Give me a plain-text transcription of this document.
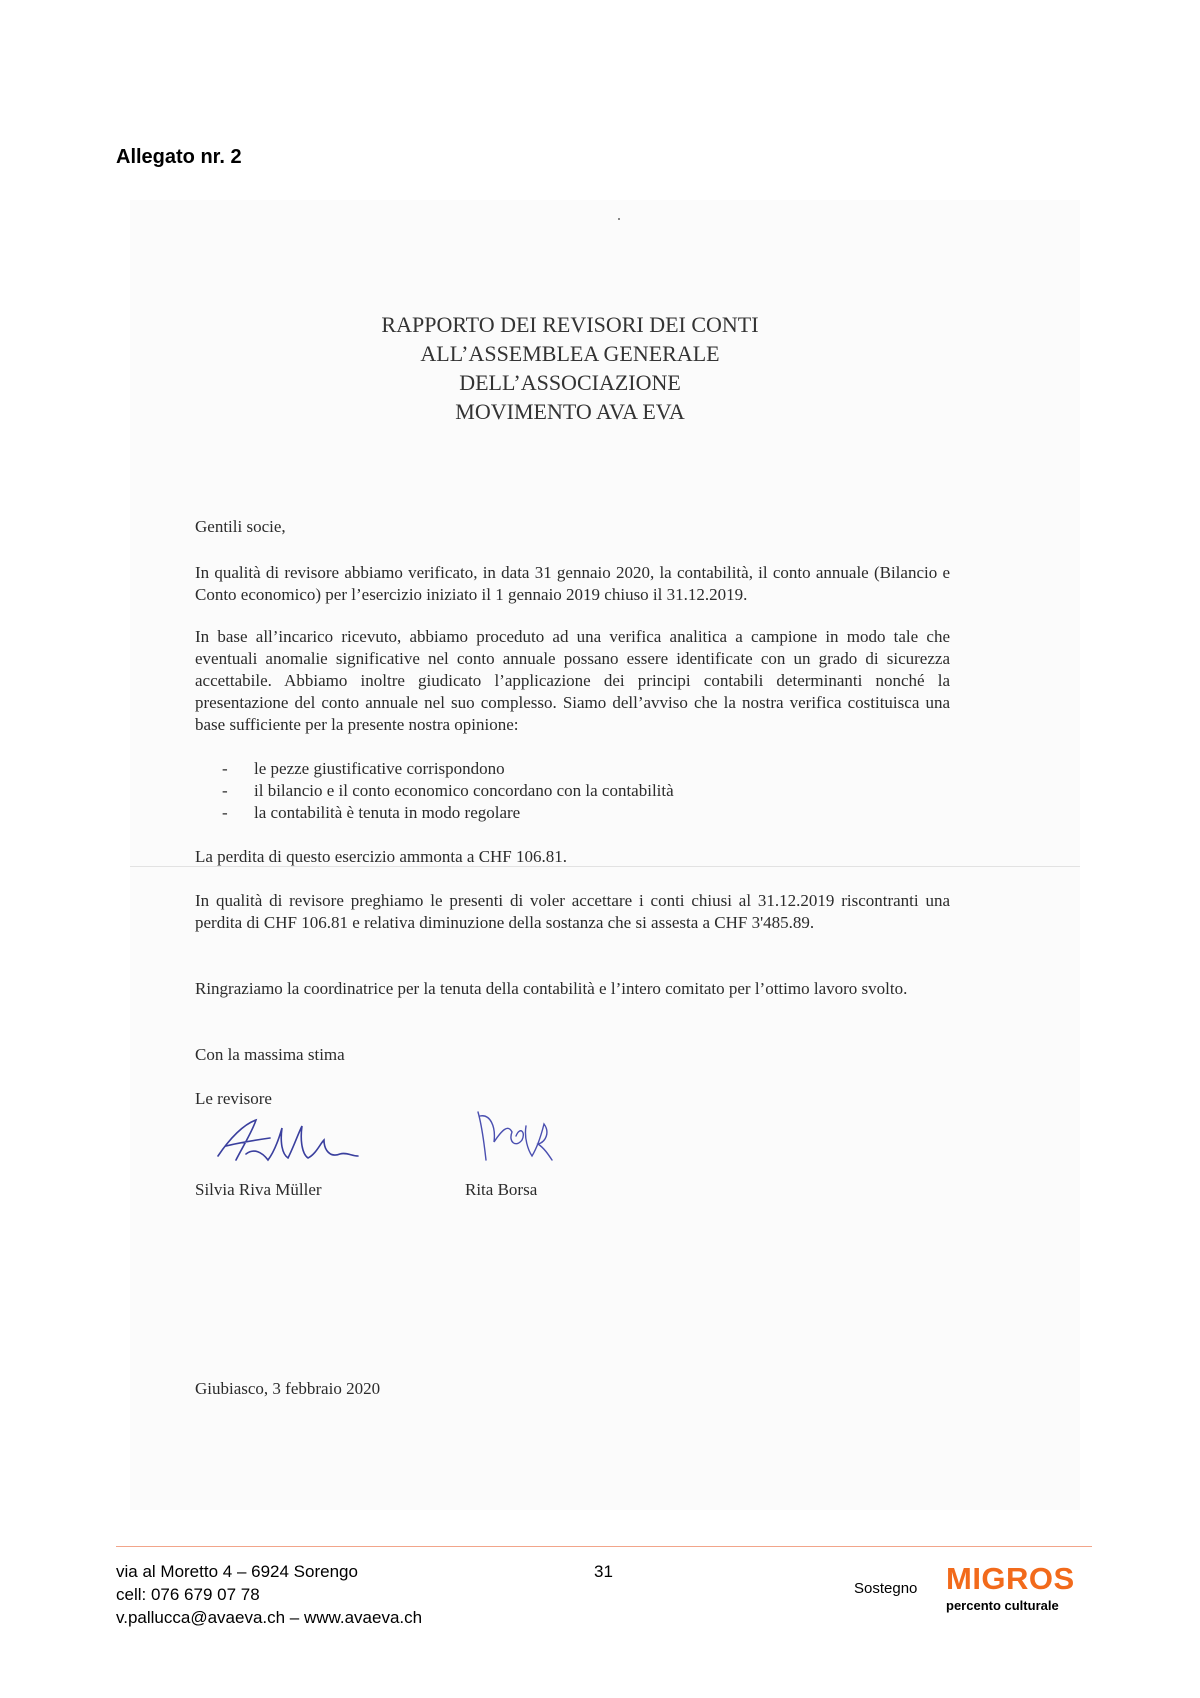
Allegato nr. 2
RAPPORTO DEI REVISORI DEI CONTI
ALL’ASSEMBLEA GENERALE
DELL’ASSOCIAZIONE
MOVIMENTO AVA EVA
Gentili socie,
In qualità di revisore abbiamo verificato, in data 31 gennaio 2020, la contabilità, il conto annuale (Bilancio e Conto economico) per l’esercizio iniziato il 1 gennaio 2019 chiuso il 31.12.2019.
In base all’incarico ricevuto, abbiamo proceduto ad una verifica analitica a campione in modo tale che eventuali anomalie significative nel conto annuale possano essere identificate con un grado di sicurezza accettabile. Abbiamo inoltre giudicato l’applicazione dei principi contabili determinanti nonché la presentazione del conto annuale nel suo complesso. Siamo dell’avviso che la nostra verifica costituisca una base sufficiente per la presente nostra opinione:
- le pezze giustificative corrispondono
- il bilancio e il conto economico concordano con la contabilità
- la contabilità è tenuta in modo regolare
La perdita di questo esercizio ammonta a CHF 106.81.
In qualità di revisore preghiamo le presenti di voler accettare i conti chiusi al 31.12.2019 riscontranti una perdita di CHF 106.81 e relativa diminuzione della sostanza che si assesta a CHF 3'485.89.
Ringraziamo la coordinatrice per la tenuta della contabilità e l’intero comitato per l’ottimo lavoro svolto.
Con la massima stima
Le revisore
Silvia Riva Müller	Rita Borsa
Giubiasco, 3 febbraio 2020
via al Moretto 4 – 6924 Sorengo
cell: 076 679 07 78
v.pallucca@avaeva.ch – www.avaeva.ch
31
Sostegno MIGROS
percento culturale
